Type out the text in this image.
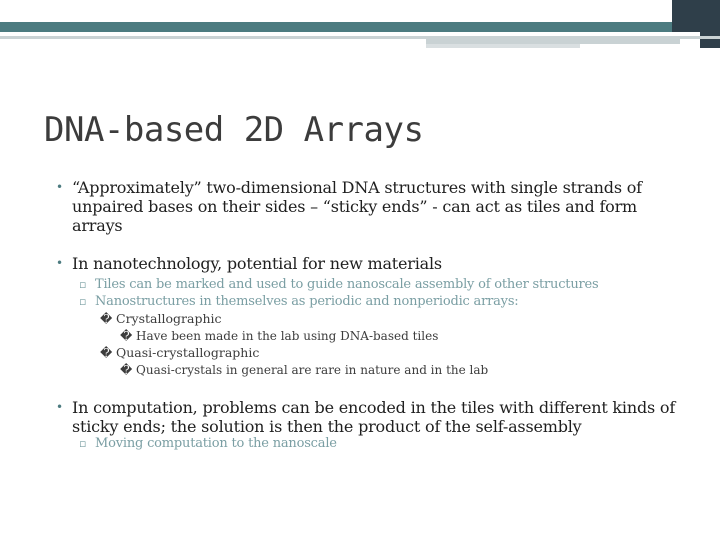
DNA-based 2D Arrays
• “Approximately” two-dimensional DNA structures with single strands of
unpaired bases on their sides – “sticky ends” - can act as tiles and form
arrays
• In nanotechnology, potential for new materials
▫ Tiles can be marked and used to guide nanoscale assembly of other structures
▫ Nanostructures in themselves as periodic and nonperiodic arrays:
� Crystallographic
� Have been made in the lab using DNA-based tiles
� Quasi-crystallographic
� Quasi-crystals in general are rare in nature and in the lab
• In computation, problems can be encoded in the tiles with different kinds of
sticky ends; the solution is then the product of the self-assembly
▫ Moving computation to the nanoscale
